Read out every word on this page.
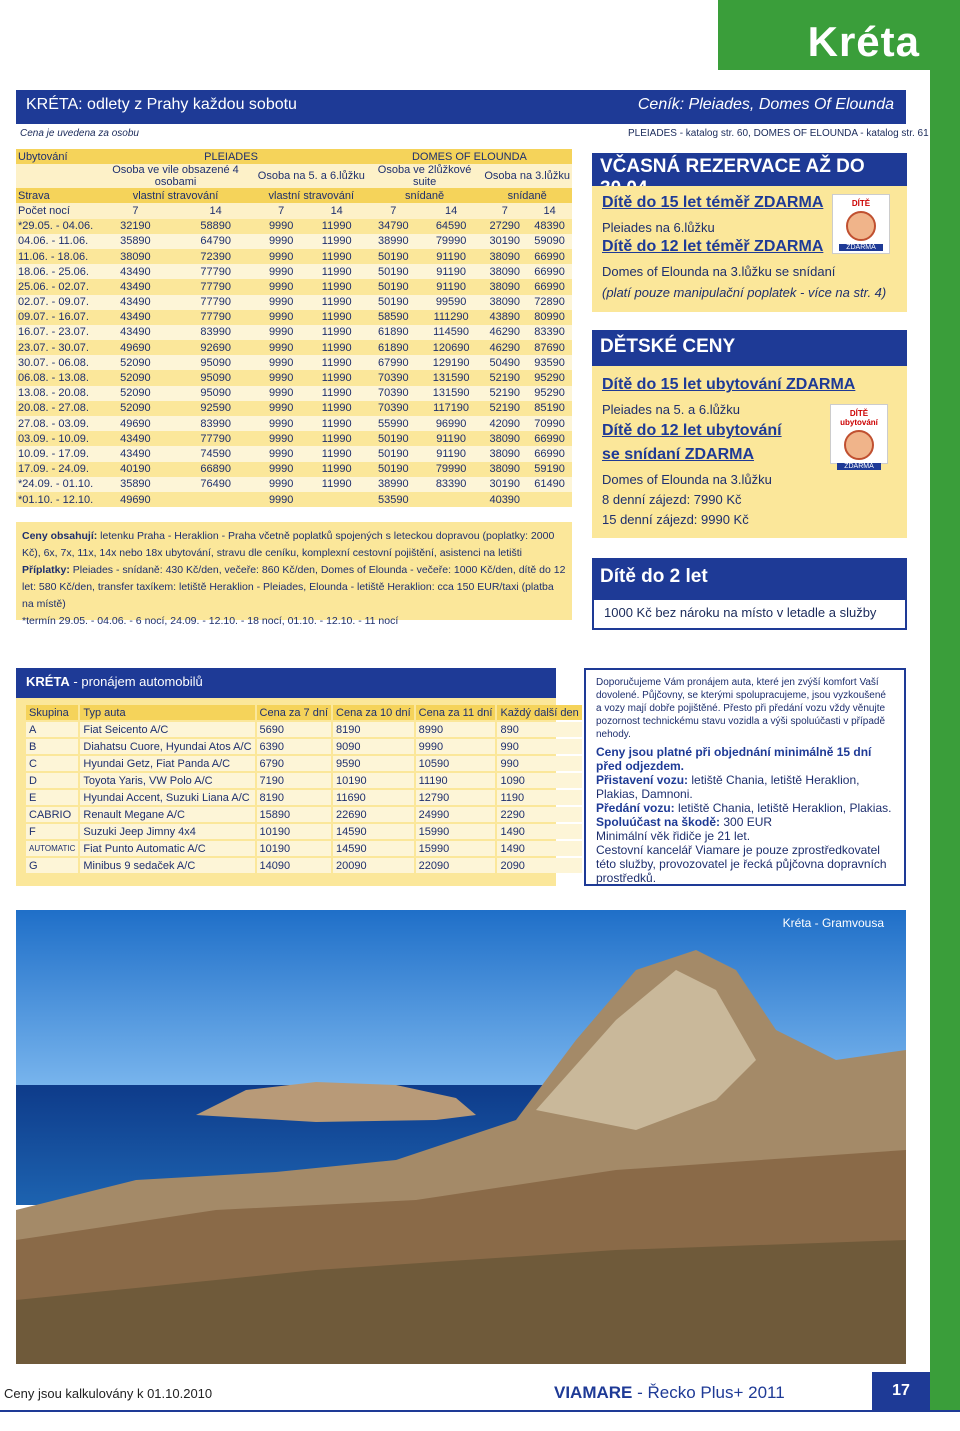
Kréta
KRÉTA: odlety z Prahy každou sobotu	Ceník: Pleiades, Domes Of Elounda
Cena je uvedena za osobu	PLEIADES - katalog str. 60, DOMES OF ELOUNDA - katalog str. 61
Ubytování	PLEIADES				DOMES OF ELOUNDA			
	Osoba ve vile obsazené 4 osobami		Osoba na 5. a 6.lůžku		Osoba ve 2lůžkové suite		Osoba na 3.lůžku	
Strava	vlastní stravování		vlastní stravování		snídaně		snídaně	
Počet nocí	7	14	7	14	7	14	7	14
*29.05. - 04.06.	32190	58890	9990	11990	34790	64590	27290	48390
04.06. - 11.06.	35890	64790	9990	11990	38990	79990	30190	59090
11.06. - 18.06.	38090	72390	9990	11990	50190	91190	38090	66990
18.06. - 25.06.	43490	77790	9990	11990	50190	91190	38090	66990
25.06. - 02.07.	43490	77790	9990	11990	50190	91190	38090	66990
02.07. - 09.07.	43490	77790	9990	11990	50190	99590	38090	72890
09.07. - 16.07.	43490	77790	9990	11990	58590	111290	43890	80990
16.07. - 23.07.	43490	83990	9990	11990	61890	114590	46290	83390
23.07. - 30.07.	49690	92690	9990	11990	61890	120690	46290	87690
30.07. - 06.08.	52090	95090	9990	11990	67990	129190	50490	93590
06.08. - 13.08.	52090	95090	9990	11990	70390	131590	52190	95290
13.08. - 20.08.	52090	95090	9990	11990	70390	131590	52190	95290
20.08. - 27.08.	52090	92590	9990	11990	70390	117190	52190	85190
27.08. - 03.09.	49690	83990	9990	11990	55990	96990	42090	70990
03.09. - 10.09.	43490	77790	9990	11990	50190	91190	38090	66990
10.09. - 17.09.	43490	74590	9990	11990	50190	91190	38090	66990
17.09. - 24.09.	40190	66890	9990	11990	50190	79990	38090	59190
*24.09. - 01.10.	35890	76490	9990	11990	38990	83390	30190	61490
*01.10. - 12.10.	49690		9990		53590		40390	
Ceny obsahují: letenku Praha - Heraklion - Praha včetně poplatků spojených s leteckou dopravou (poplatky: 2000 Kč), 6x, 7x, 11x, 14x nebo 18x ubytování, stravu dle ceníku, komplexní cestovní pojištění, asistenci na letišti
Příplatky: Pleiades - snídaně: 430 Kč/den, večeře: 860 Kč/den, Domes of Elounda - večeře: 1000 Kč/den, dítě do 12 let: 580 Kč/den, transfer taxíkem: letiště Heraklion - Pleiades, Elounda - letiště Heraklion: cca 150 EUR/taxi (platba na místě)
*termín 29.05. - 04.06. - 6 nocí, 24.09. - 12.10. - 18 nocí, 01.10. - 12.10. - 11 nocí
VČASNÁ REZERVACE AŽ DO
Dítě do 15 let téměř ZDARMA
Pleiades na 6.lůžku
Dítě do 12 let téměř ZDARMA
Domes of Elounda na 3.lůžku se snídaní
(platí pouze manipulační poplatek - více na str. 4)
DÍTĚ
ZDARMA
DĚTSKÉ CENY
Dítě do 15 let ubytování ZDARMA
Pleiades na 5. a 6.lůžku
Dítě do 12 let ubytování
se snídaní ZDARMA
Domes of Elounda na 3.lůžku
8 denní zájezd: 7990 Kč
15 denní zájezd: 9990 Kč
DÍTĚ ubytování
ZDARMA
Dítě do 2 let
1000 Kč bez nároku na místo v letadle a služby
KRÉTA - pronájem automobilů
Skupina	Typ auta	Cena za 7 dní	Cena za 10 dní	Cena za 11 dní	Každý další den
A	Fiat Seicento A/C	5690	8190	8990	890
B	Diahatsu Cuore, Hyundai Atos A/C	6390	9090	9990	990
C	Hyundai Getz, Fiat Panda A/C	6790	9590	10590	990
D	Toyota Yaris, VW Polo A/C	7190	10190	11190	1090
E	Hyundai Accent, Suzuki Liana A/C	8190	11690	12790	1190
CABRIO	Renault Megane A/C	15890	22690	24990	2290
F	Suzuki Jeep Jimny 4x4	10190	14590	15990	1490
AUTOMATIC	Fiat Punto Automatic A/C	10190	14590	15990	1490
G	Minibus 9 sedaček A/C	14090	20090	22090	2090
Doporučujeme Vám pronájem auta, které jen zvýší komfort Vaší dovolené. Půjčovny, se kterými spolupracujeme, jsou vyzkoušené a vozy mají dobře pojištěné. Přesto při předání vozu vždy věnujte pozornost technickému stavu vozidla a výši spoluúčasti v případě nehody.
Ceny jsou platné při objednání minimálně 15 dní před odjezdem.
Přistavení vozu: letiště Chania, letiště Heraklion, Plakias, Damnoni.
Předání vozu: letiště Chania, letiště Heraklion, Plakias.
Spoluúčast na škodě: 300 EUR
Minimální věk řidiče je 21 let.
Cestovní kancelář Viamare je pouze zprostředkovatel této služby, provozovatel je řecká půjčovna dopravních prostředků.
Kréta - Gramvousa
Ceny jsou kalkulovány k 01.10.2010	VIAMARE - Řecko Plus+ 2011	17
